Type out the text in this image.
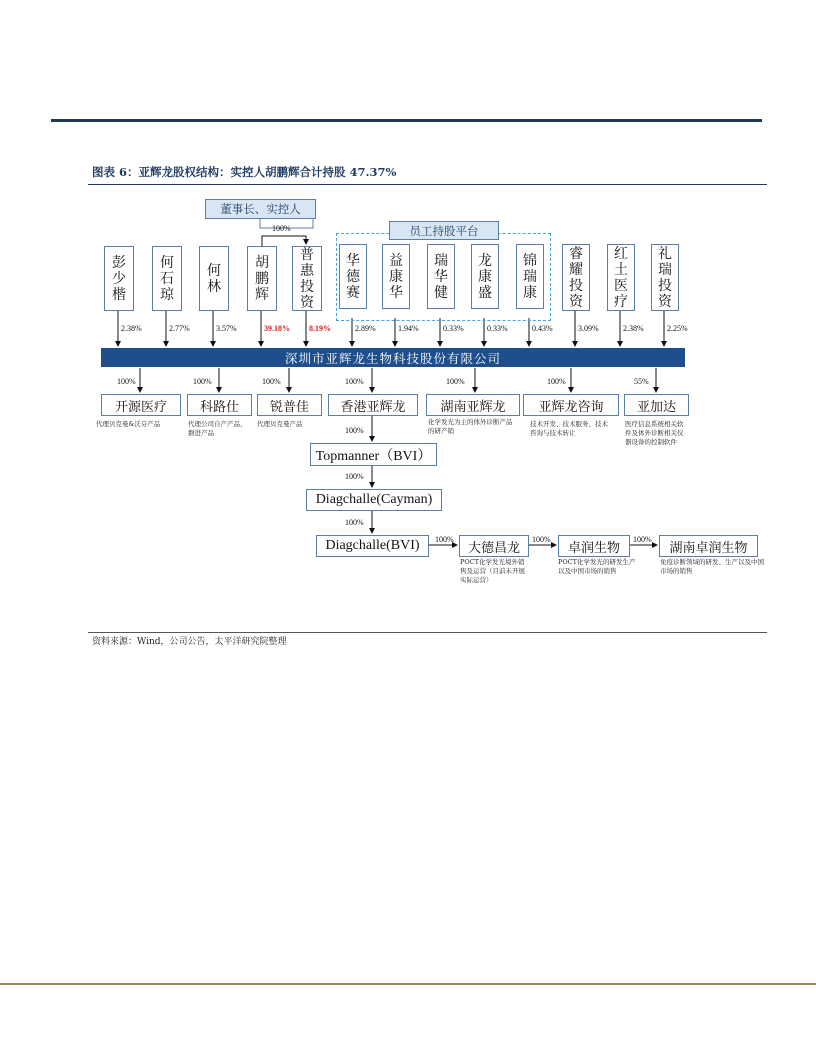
图表 6：亚辉龙股权结构：实控人胡鹏辉合计持股 47.37%
董事长、实控人
100%	员工持股平台
彭少楷
何石琼
何林
胡鹏辉
普惠投资
华德赛
益康华
瑞华健
龙康盛
锦瑞康
睿耀投资
红土医疗
礼瑞投资
2.38%	2.77%	3.57%	39.18% 8.19%	2.89%	1.94%	0.33%	0.33%	0.43%	3.09%	2.38%	2.25%
深圳市亚辉龙生物科技股份有限公司
100%	100%	100%	100%	100%	100%	55%
开源医疗	科路仕	锐普佳	香港亚辉龙	湖南亚辉龙	亚辉龙咨询	亚加达
代理贝克曼&沃芬产品	代理公司自产产品、磐进产品
代理贝克曼产品	化学发光为主的体外诊断产品的研产销
技术开发、技术服务、技术咨询与技术转让
医疗信息系统相关软件及体外诊断相关仪器设备的控制软件
100%
Topmanner（BVI）
100%
Diagchalle(Cayman)
100%
Diagchalle(BVI)	100%
大德昌龙
POCT化学发光境外销售及运营（目前未开展实际运营）
100%
卓润生物
POCT化学发光的研发生产以及中国市场的销售
100%
湖南卓润生物
免疫诊断领域的研发、生产以及中国市场的销售
资料来源：Wind，公司公告，太平洋研究院整理
